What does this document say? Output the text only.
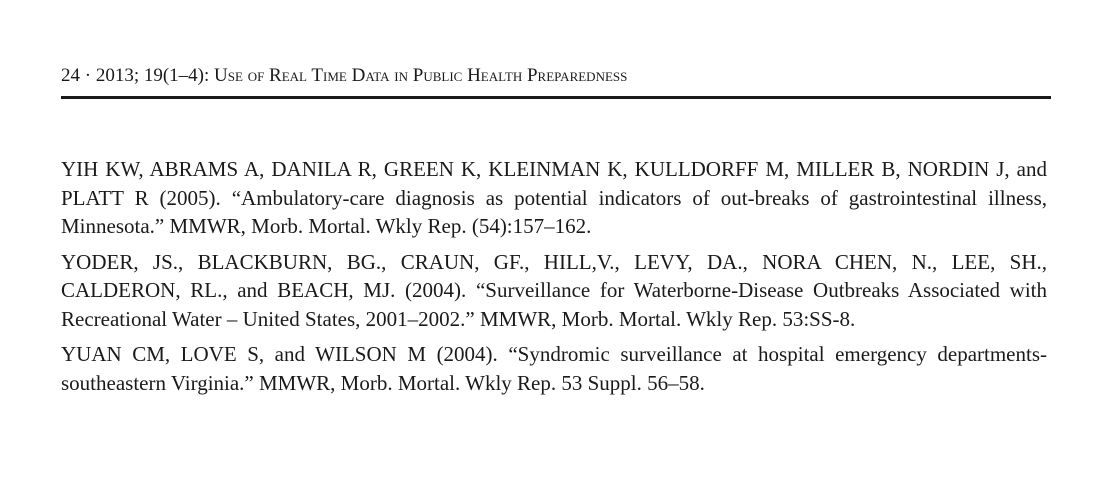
24 · 2013; 19(1–4): Use of Real Time Data in Public Health Preparedness

YIH KW, ABRAMS A, DANILA R, GREEN K, KLEINMAN K, KULLDORFF M, MILLER B, NORDIN J, and PLATT R (2005). “Ambulatory-care diagnosis as potential indicators of out-breaks of gastrointestinal illness, Minnesota.” MMWR, Morb. Mortal. Wkly Rep. (54):157–162.

YODER, JS., BLACKBURN, BG., CRAUN, GF., HILL,V., LEVY, DA., NORA CHEN, N., LEE, SH., CALDERON, RL., and BEACH, MJ. (2004). “Surveillance for Waterborne-Disease Outbreaks Associated with Recreational Water – United States, 2001–2002.” MMWR, Morb. Mortal. Wkly Rep. 53:SS-8.

YUAN CM, LOVE S, and WILSON M (2004). “Syndromic surveillance at hospital emergency departments-southeastern Virginia.” MMWR, Morb. Mortal. Wkly Rep. 53 Suppl. 56–58.
